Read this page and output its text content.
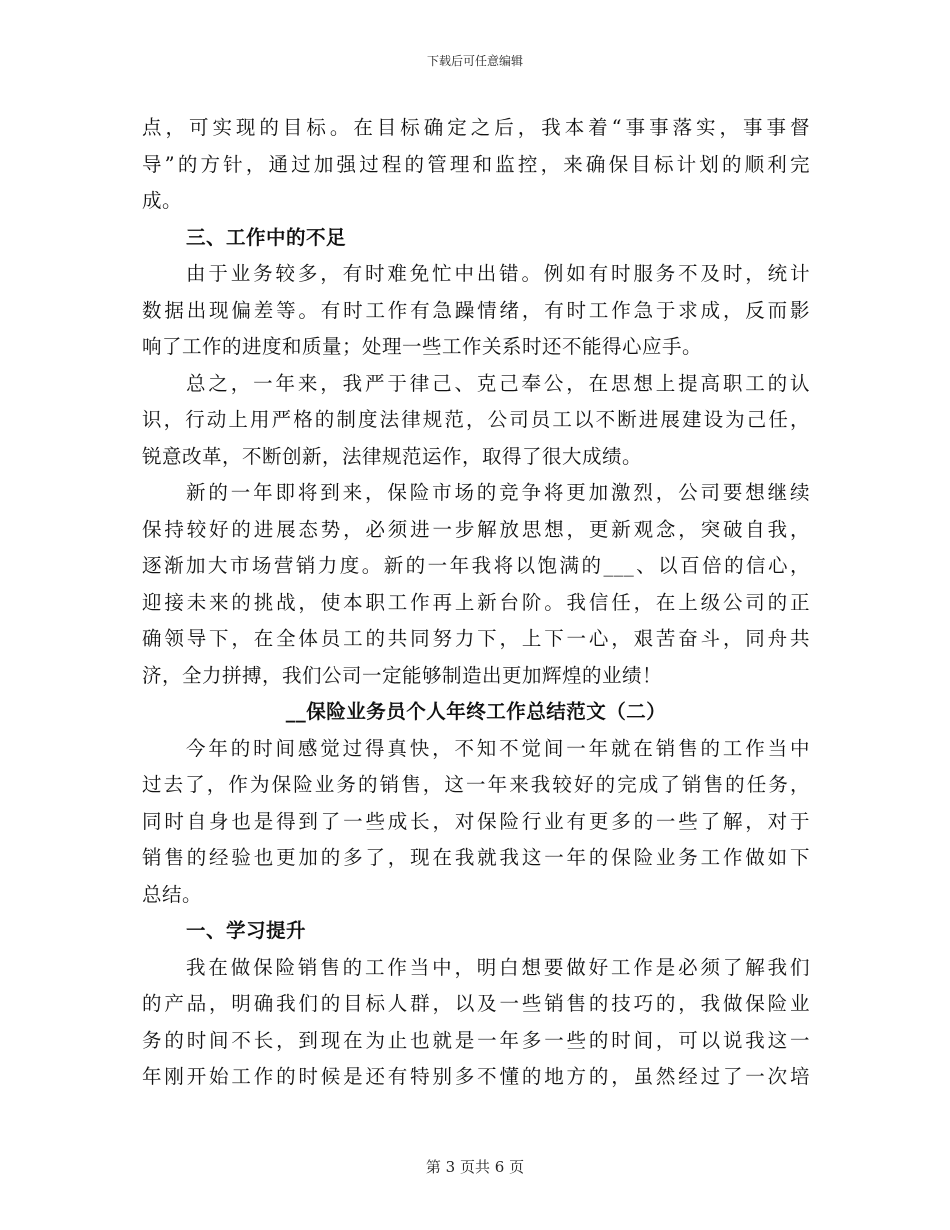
下载后可任意编辑
点，可实现的目标。在目标确定之后，我本着“事事落实，事事督
导”的方针，通过加强过程的管理和监控，来确保目标计划的顺利完
成。
三、工作中的不足
由于业务较多，有时难免忙中出错。例如有时服务不及时，统计
数据出现偏差等。有时工作有急躁情绪，有时工作急于求成，反而影
响了工作的进度和质量；处理一些工作关系时还不能得心应手。
总之，一年来，我严于律己、克己奉公，在思想上提高职工的认
识，行动上用严格的制度法律规范，公司员工以不断进展建设为己任，
锐意改革，不断创新，法律规范运作，取得了很大成绩。
新的一年即将到来，保险市场的竞争将更加激烈，公司要想继续
保持较好的进展态势，必须进一步解放思想，更新观念，突破自我，
逐渐加大市场营销力度。新的一年我将以饱满的___、以百倍的信心，
迎接未来的挑战，使本职工作再上新台阶。我信任，在上级公司的正
确领导下，在全体员工的共同努力下，上下一心，艰苦奋斗，同舟共
济，全力拼搏，我们公司一定能够制造出更加辉煌的业绩！
__保险业务员个人年终工作总结范文（二）
今年的时间感觉过得真快，不知不觉间一年就在销售的工作当中
过去了，作为保险业务的销售，这一年来我较好的完成了销售的任务，
同时自身也是得到了一些成长，对保险行业有更多的一些了解，对于
销售的经验也更加的多了，现在我就我这一年的保险业务工作做如下
总结。
一、学习提升
我在做保险销售的工作当中，明白想要做好工作是必须了解我们
的产品，明确我们的目标人群，以及一些销售的技巧的，我做保险业
务的时间不长，到现在为止也就是一年多一些的时间，可以说我这一
年刚开始工作的时候是还有特别多不懂的地方的，虽然经过了一次培
第 3 页共 6 页
